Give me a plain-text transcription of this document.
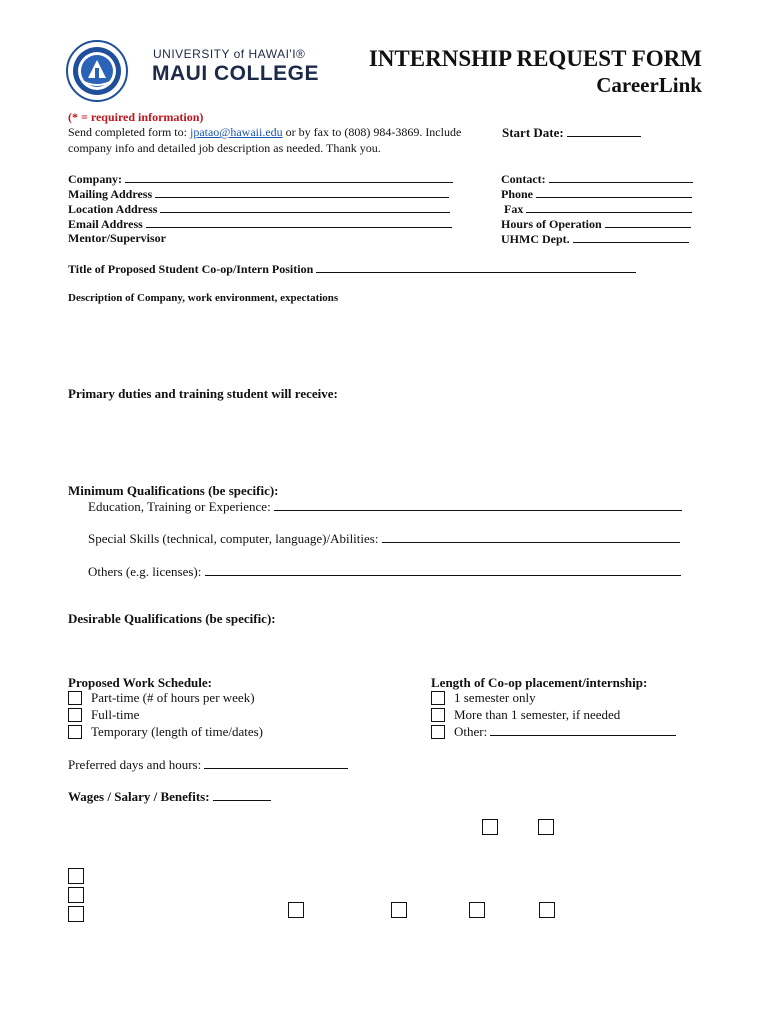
UNIVERSITY of HAWAI'I®
MAUI COLLEGE
INTERNSHIP REQUEST FORM
CareerLink
(* = required information)
Send completed form to: jpatao@hawaii.edu or by fax to (808) 984-3869. Include
company info and detailed job description as needed. Thank you.
Start Date:
Company:
Mailing Address
Location Address
Email Address
Mentor/Supervisor
Contact:
Phone
Fax
Hours of Operation
UHMC Dept.
Title of Proposed Student Co-op/Intern Position
Description of Company, work environment, expectations
Primary duties and training student will receive:
Minimum Qualifications (be specific):
Education, Training or Experience:
Special Skills (technical, computer, language)/Abilities:
Others (e.g. licenses):
Desirable Qualifications (be specific):
Proposed Work Schedule:
Part-time (# of hours per week)
Full-time
Temporary (length of time/dates)
Length of Co-op placement/internship:
1 semester only
More than 1 semester, if needed
Other:
Preferred days and hours:
Wages / Salary / Benefits:
